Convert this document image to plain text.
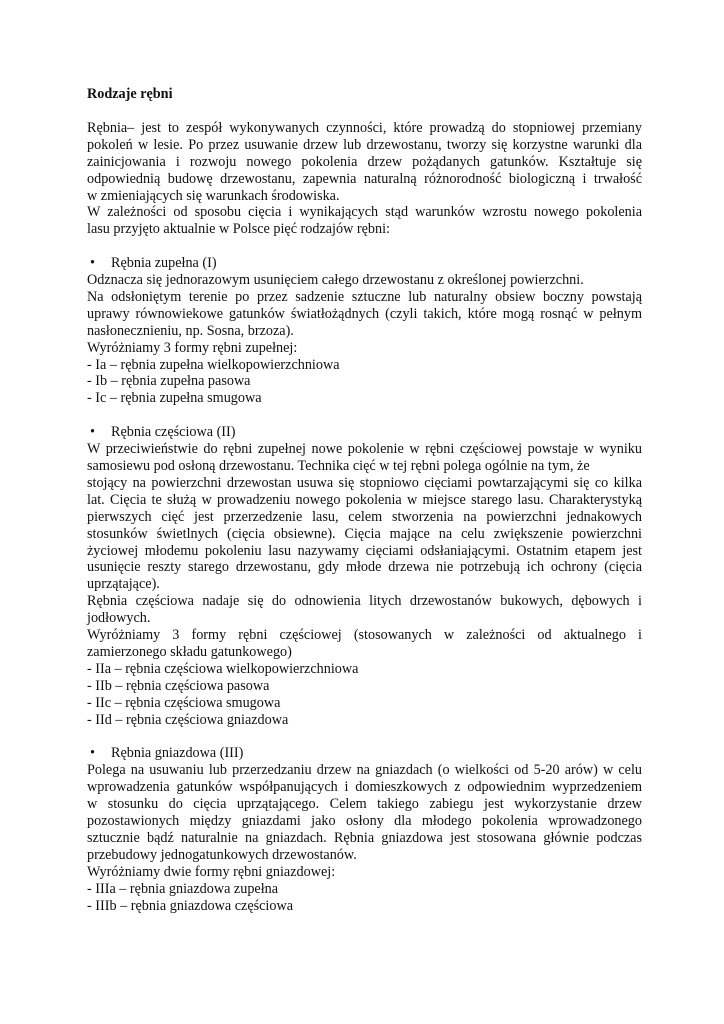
Rodzaje rębni
Rębnia– jest to zespół wykonywanych czynności, które prowadzą do stopniowej przemiany
pokoleń w lesie. Po przez usuwanie drzew lub drzewostanu, tworzy się korzystne warunki dla
zainicjowania i rozwoju nowego pokolenia drzew pożądanych gatunków. Kształtuje się
odpowiednią budowę drzewostanu, zapewnia naturalną różnorodność biologiczną i trwałość
w zmieniających się warunkach środowiska.
W zależności od sposobu cięcia i wynikających stąd warunków wzrostu nowego pokolenia
lasu przyjęto aktualnie w Polsce pięć rodzajów rębni:
•
Rębnia zupełna (I)
Odznacza się jednorazowym usunięciem całego drzewostanu z określonej powierzchni.
Na odsłoniętym terenie po przez sadzenie sztuczne lub naturalny obsiew boczny powstają
uprawy równowiekowe gatunków światłożądnych (czyli takich, które mogą rosnąć w pełnym
nasłonecznieniu, np. Sosna, brzoza).
Wyróżniamy 3 formy rębni zupełnej:
- Ia – rębnia zupełna wielkopowierzchniowa
- Ib – rębnia zupełna pasowa
- Ic – rębnia zupełna smugowa
•
Rębnia częściowa (II)
W przeciwieństwie do rębni zupełnej nowe pokolenie w rębni częściowej powstaje w wyniku
samosiewu pod osłoną drzewostanu. Technika cięć w tej rębni polega ogólnie na tym, że
stojący na powierzchni drzewostan usuwa się stopniowo cięciami powtarzającymi się co kilka
lat. Cięcia te służą w prowadzeniu nowego pokolenia w miejsce starego lasu. Charakterystyką
pierwszych cięć jest przerzedzenie lasu, celem stworzenia na powierzchni jednakowych
stosunków świetlnych (cięcia obsiewne). Cięcia mające na celu zwiększenie powierzchni
życiowej młodemu pokoleniu lasu nazywamy cięciami odsłaniającymi. Ostatnim etapem jest
usunięcie reszty starego drzewostanu, gdy młode drzewa nie potrzebują ich ochrony (cięcia
uprzątające).
Rębnia częściowa nadaje się do odnowienia litych drzewostanów bukowych, dębowych i
jodłowych.
Wyróżniamy 3 formy rębni częściowej (stosowanych w zależności od aktualnego i
zamierzonego składu gatunkowego)
- IIa – rębnia częściowa wielkopowierzchniowa
- IIb – rębnia częściowa pasowa
- IIc – rębnia częściowa smugowa
- IId – rębnia częściowa gniazdowa
•
Rębnia gniazdowa (III)
Polega na usuwaniu lub przerzedzaniu drzew na gniazdach (o wielkości od 5-20 arów) w celu
wprowadzenia gatunków współpanujących i domieszkowych z odpowiednim wyprzedzeniem
w stosunku do cięcia uprzątającego. Celem takiego zabiegu jest wykorzystanie drzew
pozostawionych między gniazdami jako osłony dla młodego pokolenia wprowadzonego
sztucznie bądź naturalnie na gniazdach. Rębnia gniazdowa jest stosowana głównie podczas
przebudowy jednogatunkowych drzewostanów.
Wyróżniamy dwie formy rębni gniazdowej:
- IIIa – rębnia gniazdowa zupełna
- IIIb – rębnia gniazdowa częściowa
